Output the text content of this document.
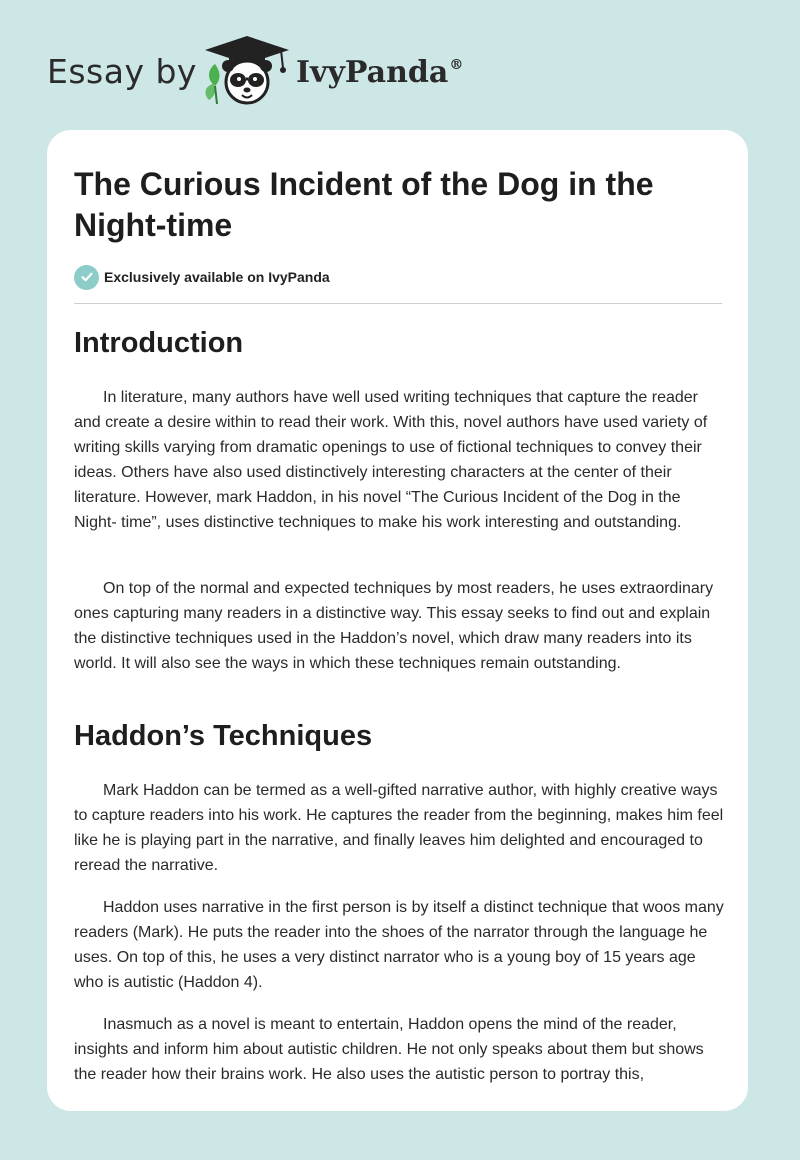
Essay by	IvyPanda®
The Curious Incident of the Dog in the Night-time
Exclusively available on IvyPanda
Introduction

In literature, many authors have well used writing techniques that capture the reader and create a desire within to read their work. With this, novel authors have used variety of writing skills varying from dramatic openings to use of fictional techniques to convey their ideas. Others have also used distinctively interesting characters at the center of their literature. However, mark Haddon, in his novel “The Curious Incident of the Dog in the Night- time”, uses distinctive techniques to make his work interesting and outstanding.

On top of the normal and expected techniques by most readers, he uses extraordinary ones capturing many readers in a distinctive way. This essay seeks to find out and explain the distinctive techniques used in the Haddon’s novel, which draw many readers into its world. It will also see the ways in which these techniques remain outstanding.

Haddon’s Techniques

Mark Haddon can be termed as a well-gifted narrative author, with highly creative ways to capture readers into his work. He captures the reader from the beginning, makes him feel like he is playing part in the narrative, and finally leaves him delighted and encouraged to reread the narrative.

Haddon uses narrative in the first person is by itself a distinct technique that woos many readers (Mark). He puts the reader into the shoes of the narrator through the language he uses. On top of this, he uses a very distinct narrator who is a young boy of 15 years age who is autistic (Haddon 4).

Inasmuch as a novel is meant to entertain, Haddon opens the mind of the reader, insights and inform him about autistic children. He not only speaks about them but shows the reader how their brains work. He also uses the autistic person to portray this,
